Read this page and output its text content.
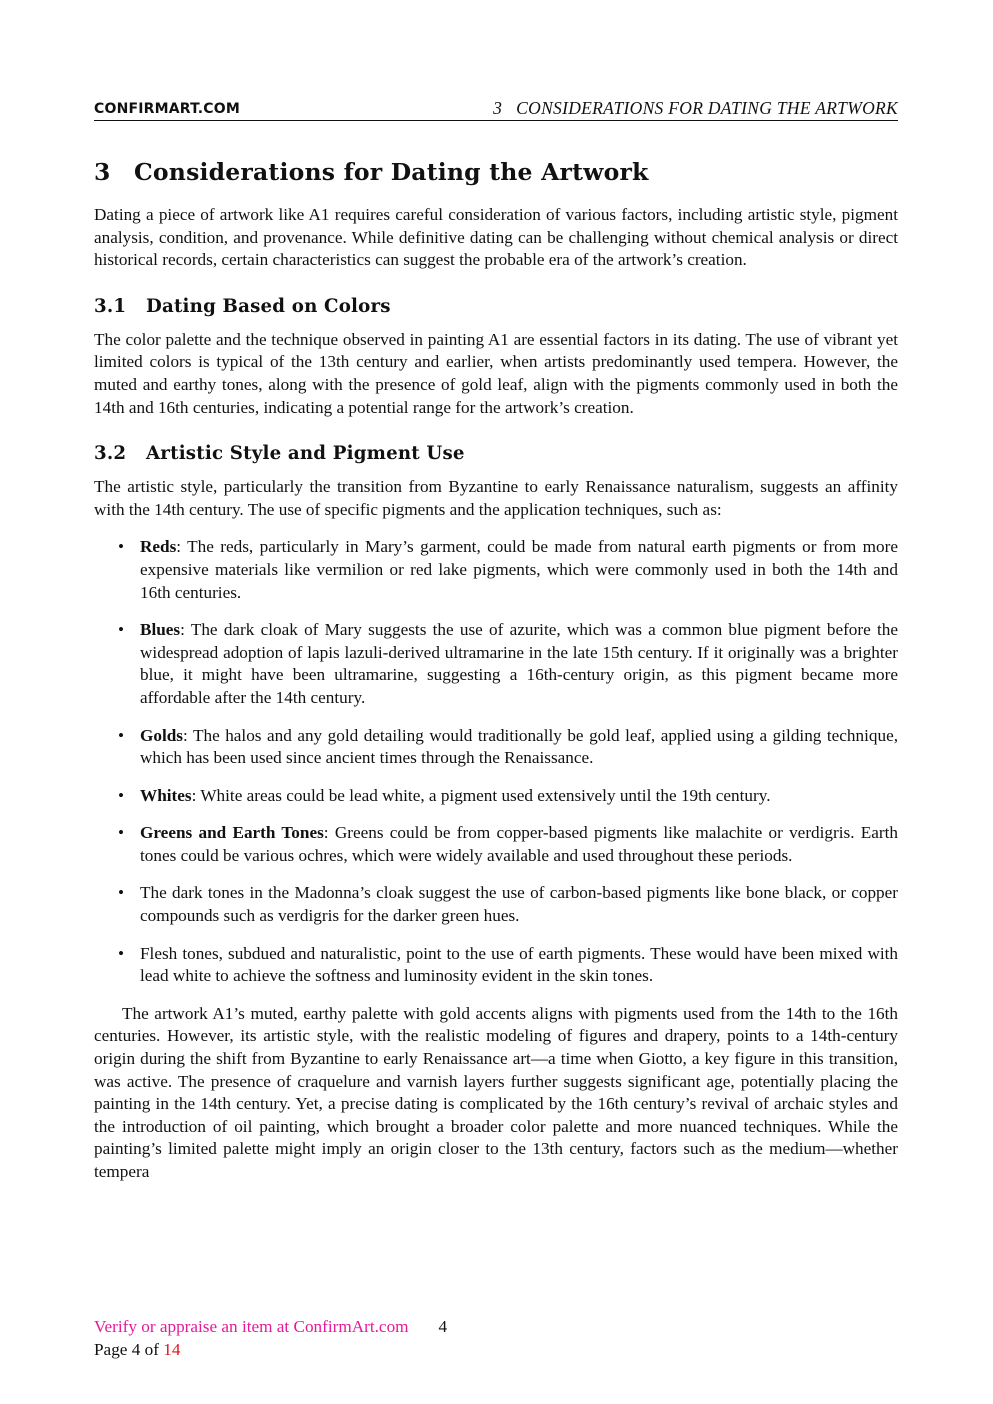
CONFIRMART.COM	3 CONSIDERATIONS FOR DATING THE ARTWORK
3 Considerations for Dating the Artwork

Dating a piece of artwork like A1 requires careful consideration of various factors, including artistic style, pigment analysis, condition, and provenance. While definitive dating can be challenging without chemical analysis or direct historical records, certain characteristics can suggest the probable era of the artwork’s creation.

3.1 Dating Based on Colors

The color palette and the technique observed in painting A1 are essential factors in its dating. The use of vibrant yet limited colors is typical of the 13th century and earlier, when artists predominantly used tempera. However, the muted and earthy tones, along with the presence of gold leaf, align with the pigments commonly used in both the 14th and 16th centuries, indicating a potential range for the artwork’s creation.

3.2 Artistic Style and Pigment Use

The artistic style, particularly the transition from Byzantine to early Renaissance naturalism, suggests an affinity with the 14th century. The use of specific pigments and the application techniques, such as:

• Reds: The reds, particularly in Mary’s garment, could be made from natural earth pigments or from more expensive materials like vermilion or red lake pigments, which were commonly used in both the 14th and 16th centuries.
• Blues: The dark cloak of Mary suggests the use of azurite, which was a common blue pigment before the widespread adoption of lapis lazuli-derived ultramarine in the late 15th century. If it originally was a brighter blue, it might have been ultramarine, suggesting a 16th-century origin, as this pigment became more affordable after the 14th century.
• Golds: The halos and any gold detailing would traditionally be gold leaf, applied using a gilding technique, which has been used since ancient times through the Renaissance.
• Whites: White areas could be lead white, a pigment used extensively until the 19th century.
• Greens and Earth Tones: Greens could be from copper-based pigments like malachite or verdigris. Earth tones could be various ochres, which were widely available and used throughout these periods.
• The dark tones in the Madonna’s cloak suggest the use of carbon-based pigments like bone black, or copper compounds such as verdigris for the darker green hues.
• Flesh tones, subdued and naturalistic, point to the use of earth pigments. These would have been mixed with lead white to achieve the softness and luminosity evident in the skin tones.

The artwork A1’s muted, earthy palette with gold accents aligns with pigments used from the 14th to the 16th centuries. However, its artistic style, with the realistic modeling of figures and drapery, points to a 14th-century origin during the shift from Byzantine to early Renaissance art—a time when Giotto, a key figure in this transition, was active. The presence of craquelure and varnish layers further suggests significant age, potentially placing the painting in the 14th century. Yet, a precise dating is complicated by the 16th century’s revival of archaic styles and the introduction of oil painting, which brought a broader color palette and more nuanced techniques. While the painting’s limited palette might imply an origin closer to the 13th century, factors such as the medium—whether tempera

Verify or appraise an item at ConfirmArt.com 4
Page 4 of 14
